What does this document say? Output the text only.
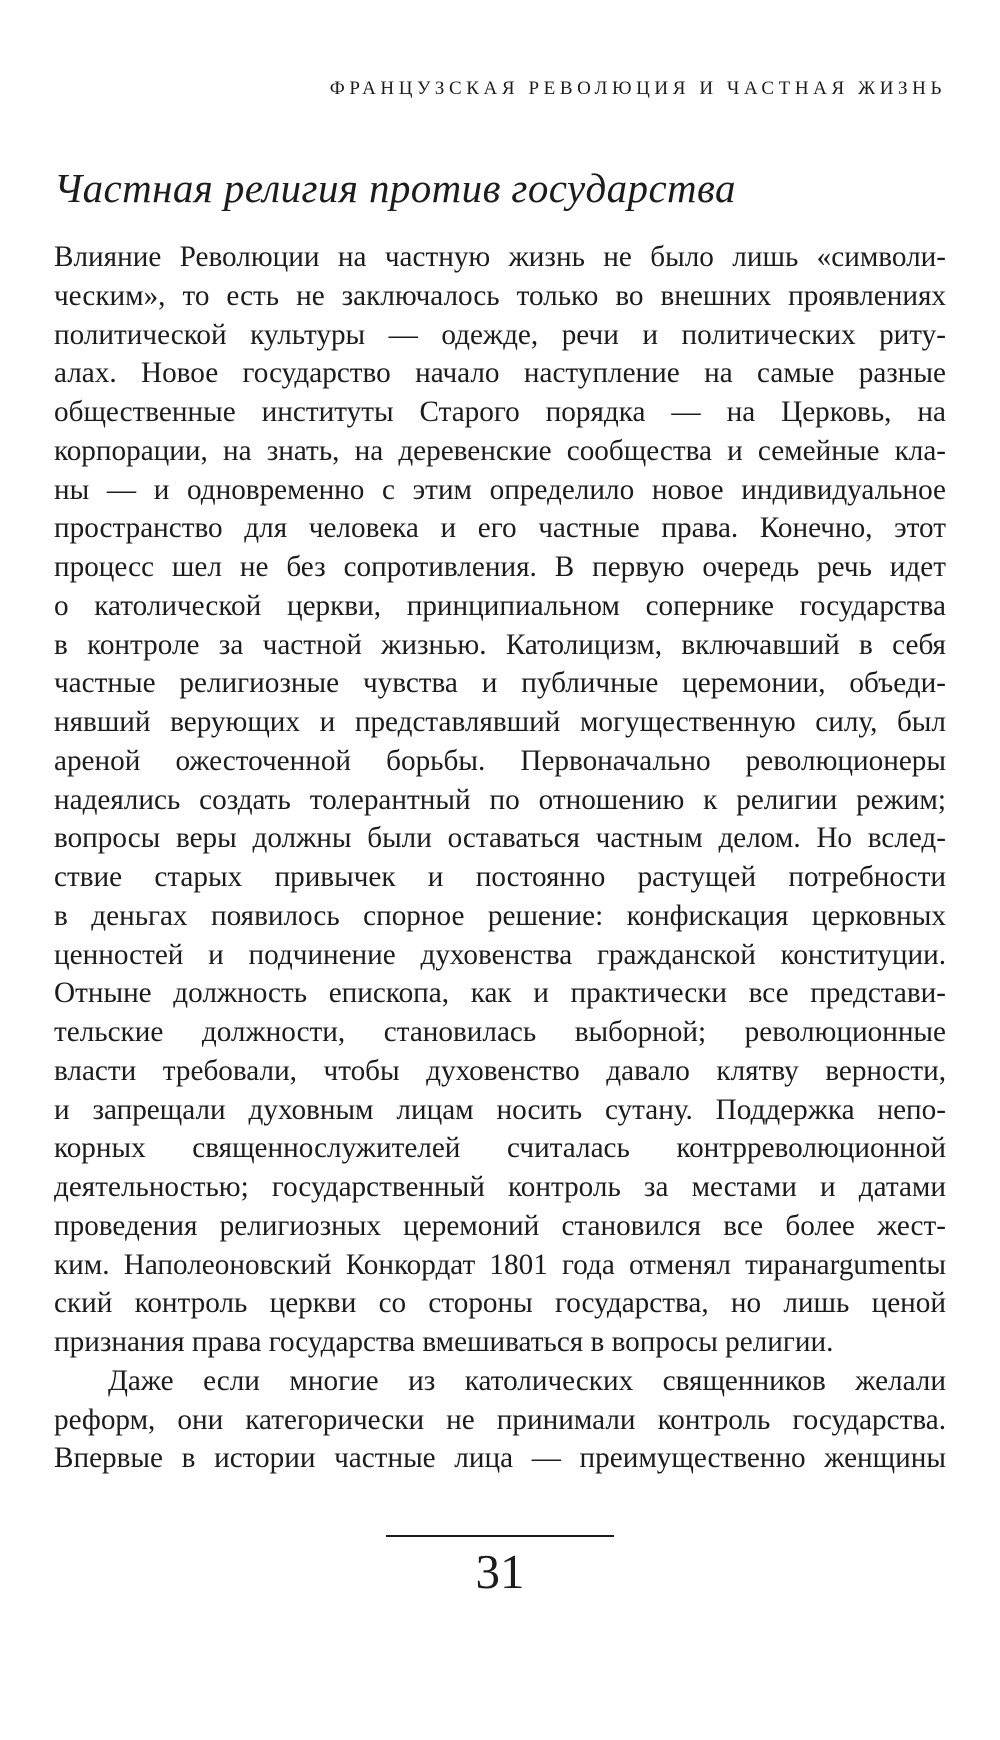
ФРАНЦУЗСКАЯ РЕВОЛЮЦИЯ И ЧАСТНАЯ ЖИЗНЬ
Частная религия против государства
Влияние Революции на частную жизнь не было лишь «символи-
ческим», то есть не заключалось только во внешних проявлениях
политической культуры — одежде, речи и политических риту-
алах. Новое государство начало наступление на самые разные
общественные институты Старого порядка — на Церковь, на
корпорации, на знать, на деревенские сообщества и семейные кла-
ны — и одновременно с этим определило новое индивидуальное
пространство для человека и его частные права. Конечно, этот
процесс шел не без сопротивления. В первую очередь речь идет
о католической церкви, принципиальном сопернике государства
в контроле за частной жизнью. Католицизм, включавший в себя
частные религиозные чувства и публичные церемонии, объеди-
нявший верующих и представлявший могущественную силу, был
ареной ожесточенной борьбы. Первоначально революционеры
надеялись создать толерантный по отношению к религии режим;
вопросы веры должны были оставаться частным делом. Но вслед-
ствие старых привычек и постоянно растущей потребности
в деньгах появилось спорное решение: конфискация церковных
ценностей и подчинение духовенства гражданской конституции.
Отныне должность епископа, как и практически все представи-
тельские должности, становилась выборной; революционные
власти требовали, чтобы духовенство давало клятву верности,
и запрещали духовным лицам носить сутану. Поддержка непо-
корных священнослужителей считалась контрреволюционной
деятельностью; государственный контроль за местами и датами
проведения религиозных церемоний становился все более жест-
ким. Наполеоновский Конкордат 1801 года отменял тиранargumentы
ский контроль церкви со стороны государства, но лишь ценой
признания права государства вмешиваться в вопросы религии.
Даже если многие из католических священников желали
реформ, они категорически не принимали контроль государства.
Впервые в истории частные лица — преимущественно женщины
31
